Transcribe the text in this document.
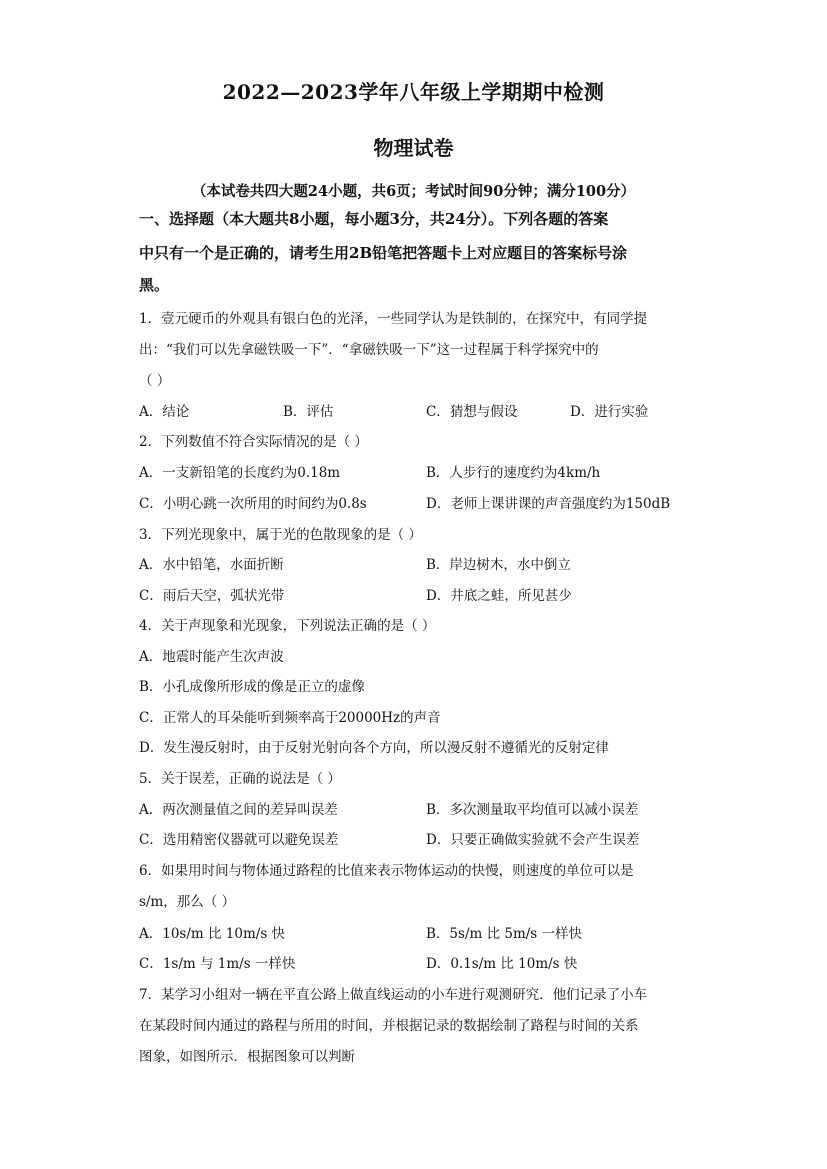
2022—2023学年八年级上学期期中检测
物理试卷
（本试卷共四大题24小题，共6页；考试时间90分钟；满分100分）
一、选择题（本大题共8小题，每小题3分，共24分）。下列各题的答案
中只有一个是正确的，请考生用2B铅笔把答题卡上对应题目的答案标号涂
黑。
1．壹元硬币的外观具有银白色的光泽，一些同学认为是铁制的，在探究中，有同学提
出：“我们可以先拿磁铁吸一下”．“拿磁铁吸一下”这一过程属于科学探究中的
（ ）
A．结论	B．评估	C．猜想与假设	D．进行实验
2．下列数值不符合实际情况的是（ ）
A．一支新铅笔的长度约为0.18m	B．人步行的速度约为4km/h
C．小明心跳一次所用的时间约为0.8s	D．老师上课讲课的声音强度约为150dB
3．下列光现象中，属于光的色散现象的是（ ）
A．水中铅笔，水面折断	B．岸边树木，水中倒立
C．雨后天空，弧状光带	D．井底之蛙，所见甚少
4．关于声现象和光现象，下列说法正确的是（ ）
A．地震时能产生次声波
B．小孔成像所形成的像是正立的虚像
C．正常人的耳朵能听到频率高于20000Hz的声音
D．发生漫反射时，由于反射光射向各个方向，所以漫反射不遵循光的反射定律
5．关于误差，正确的说法是（ ）
A．两次测量值之间的差异叫误差	B．多次测量取平均值可以减小误差
C．选用精密仪器就可以避免误差	D．只要正确做实验就不会产生误差
6．如果用时间与物体通过路程的比值来表示物体运动的快慢，则速度的单位可以是
s/m，那么（ ）
A．10s/m 比 10m/s 快	B．5s/m 比 5m/s 一样快
C．1s/m 与 1m/s 一样快	D．0.1s/m 比 10m/s 快
7．某学习小组对一辆在平直公路上做直线运动的小车进行观测研究．他们记录了小车
在某段时间内通过的路程与所用的时间，并根据记录的数据绘制了路程与时间的关系
图象，如图所示．根据图象可以判断
